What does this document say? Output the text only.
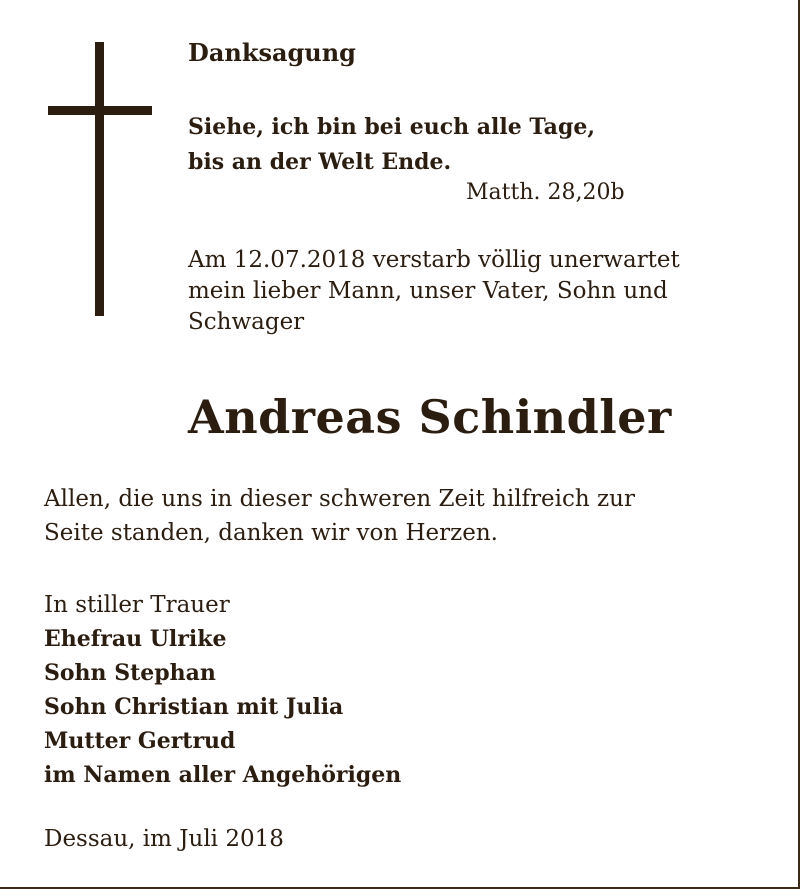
Danksagung
Siehe, ich bin bei euch alle Tage,
bis an der Welt Ende.
Matth. 28,20b
Am 12.07.2018 verstarb völlig unerwartet
mein lieber Mann, unser Vater, Sohn und
Schwager
Andreas Schindler
Allen, die uns in dieser schweren Zeit hilfreich zur
Seite standen, danken wir von Herzen.
In stiller Trauer
Ehefrau Ulrike
Sohn Stephan
Sohn Christian mit Julia
Mutter Gertrud
im Namen aller Angehörigen
Dessau, im Juli 2018
